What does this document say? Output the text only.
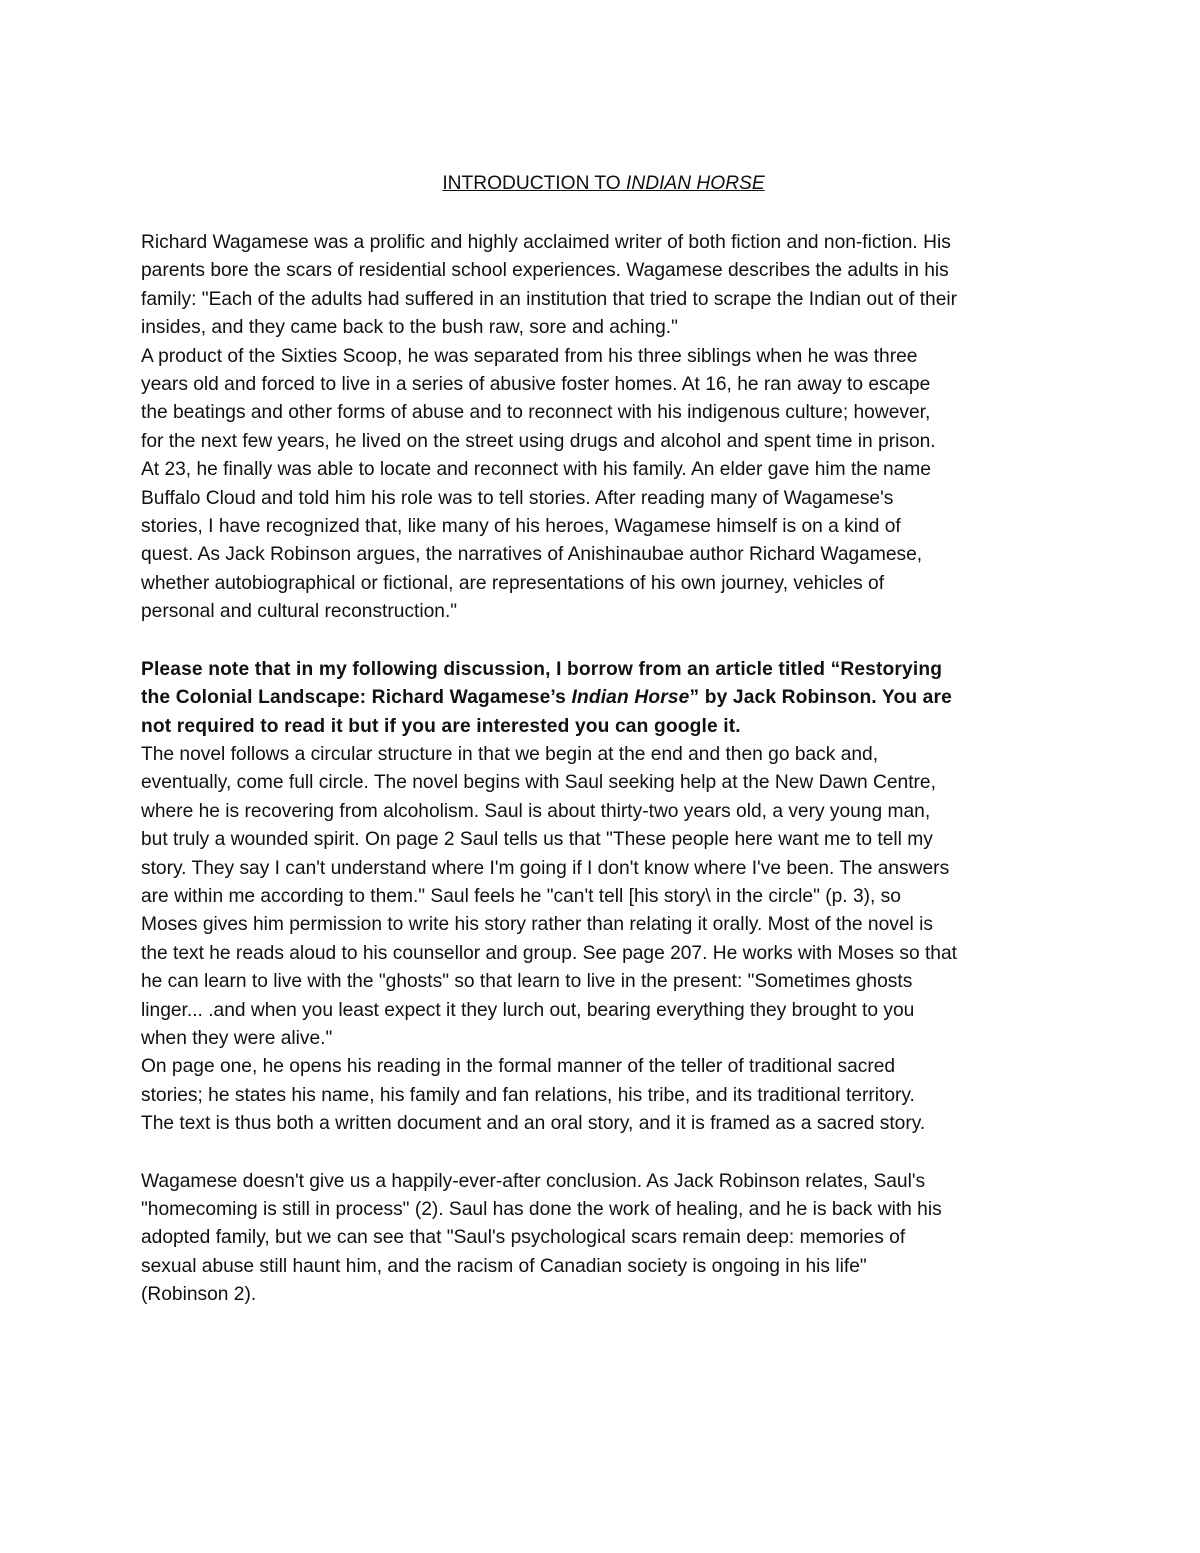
INTRODUCTION TO INDIAN HORSE
Richard Wagamese was a prolific and highly acclaimed writer of both fiction and non-fiction. His
parents bore the scars of residential school experiences. Wagamese describes the adults in his
family: "Each of the adults had suffered in an institution that tried to scrape the Indian out of their
insides, and they came back to the bush raw, sore and aching."
A product of the Sixties Scoop, he was separated from his three siblings when he was three
years old and forced to live in a series of abusive foster homes. At 16, he ran away to escape
the beatings and other forms of abuse and to reconnect with his indigenous culture; however,
for the next few years, he lived on the street using drugs and alcohol and spent time in prison.
At 23, he finally was able to locate and reconnect with his family. An elder gave him the name
Buffalo Cloud and told him his role was to tell stories. After reading many of Wagamese's
stories, I have recognized that, like many of his heroes, Wagamese himself is on a kind of
quest. As Jack Robinson argues, the narratives of Anishinaubae author Richard Wagamese,
whether autobiographical or fictional, are representations of his own journey, vehicles of
personal and cultural reconstruction."
Please note that in my following discussion, I borrow from an article titled “Restorying
the Colonial Landscape: Richard Wagamese’s Indian Horse” by Jack Robinson. You are
not required to read it but if you are interested you can google it.
The novel follows a circular structure in that we begin at the end and then go back and,
eventually, come full circle. The novel begins with Saul seeking help at the New Dawn Centre,
where he is recovering from alcoholism. Saul is about thirty-two years old, a very young man,
but truly a wounded spirit. On page 2 Saul tells us that "These people here want me to tell my
story. They say I can't understand where I'm going if I don't know where I've been. The answers
are within me according to them." Saul feels he "can't tell [his story\ in the circle" (p. 3), so
Moses gives him permission to write his story rather than relating it orally. Most of the novel is
the text he reads aloud to his counsellor and group. See page 207. He works with Moses so that
he can learn to live with the "ghosts" so that learn to live in the present: "Sometimes ghosts
linger... .and when you least expect it they lurch out, bearing everything they brought to you
when they were alive."
On page one, he opens his reading in the formal manner of the teller of traditional sacred
stories; he states his name, his family and fan relations, his tribe, and its traditional territory.
The text is thus both a written document and an oral story, and it is framed as a sacred story.
Wagamese doesn't give us a happily-ever-after conclusion. As Jack Robinson relates, Saul's
"homecoming is still in process" (2). Saul has done the work of healing, and he is back with his
adopted family, but we can see that "Saul's psychological scars remain deep: memories of
sexual abuse still haunt him, and the racism of Canadian society is ongoing in his life"
(Robinson 2).
